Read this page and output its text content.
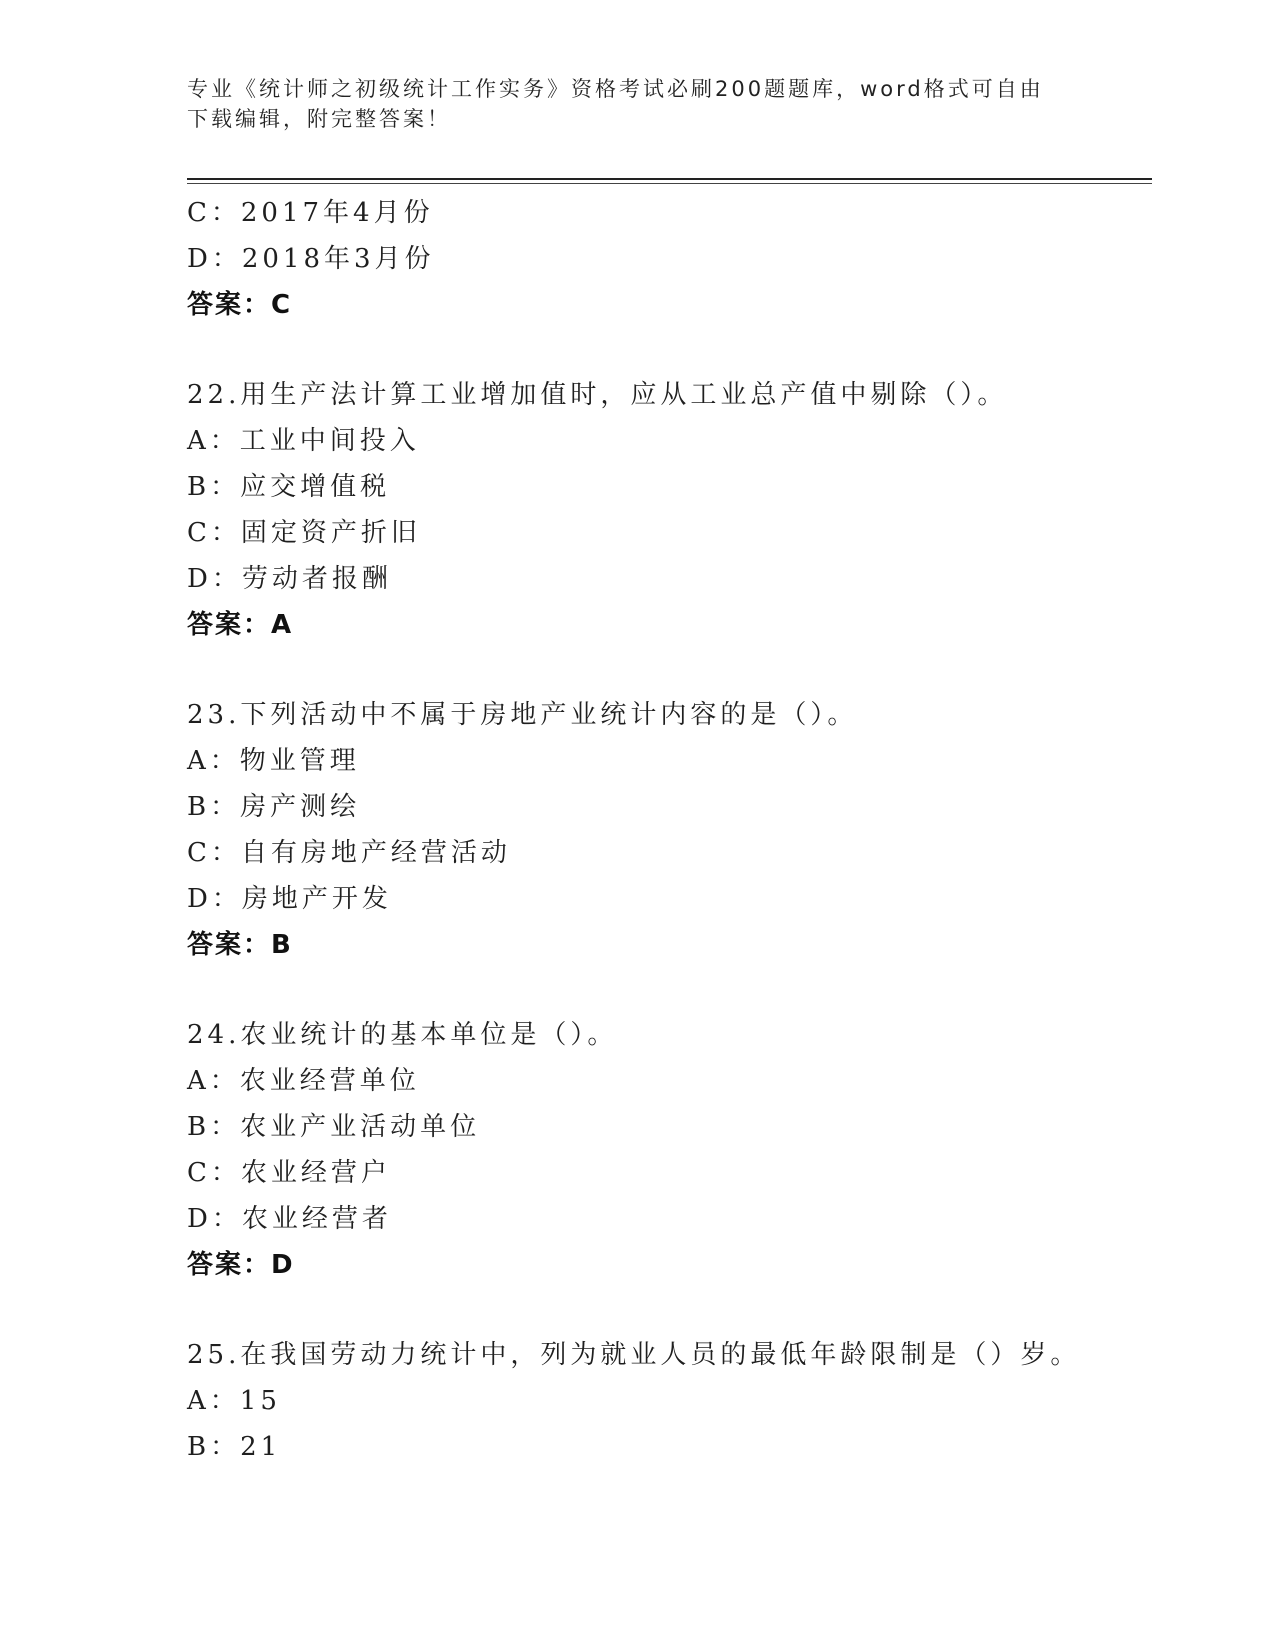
专业《统计师之初级统计工作实务》资格考试必刷200题题库，word格式可自由
下载编辑，附完整答案！
C：2017年4月份
D：2018年3月份
答案：C
22.用生产法计算工业增加值时，应从工业总产值中剔除（）。
A：工业中间投入
B：应交增值税
C：固定资产折旧
D：劳动者报酬
答案：A
23.下列活动中不属于房地产业统计内容的是（）。
A：物业管理
B：房产测绘
C：自有房地产经营活动
D：房地产开发
答案：B
24.农业统计的基本单位是（）。
A：农业经营单位
B：农业产业活动单位
C：农业经营户
D：农业经营者
答案：D
25.在我国劳动力统计中，列为就业人员的最低年龄限制是（）岁。
A：15
B：21
